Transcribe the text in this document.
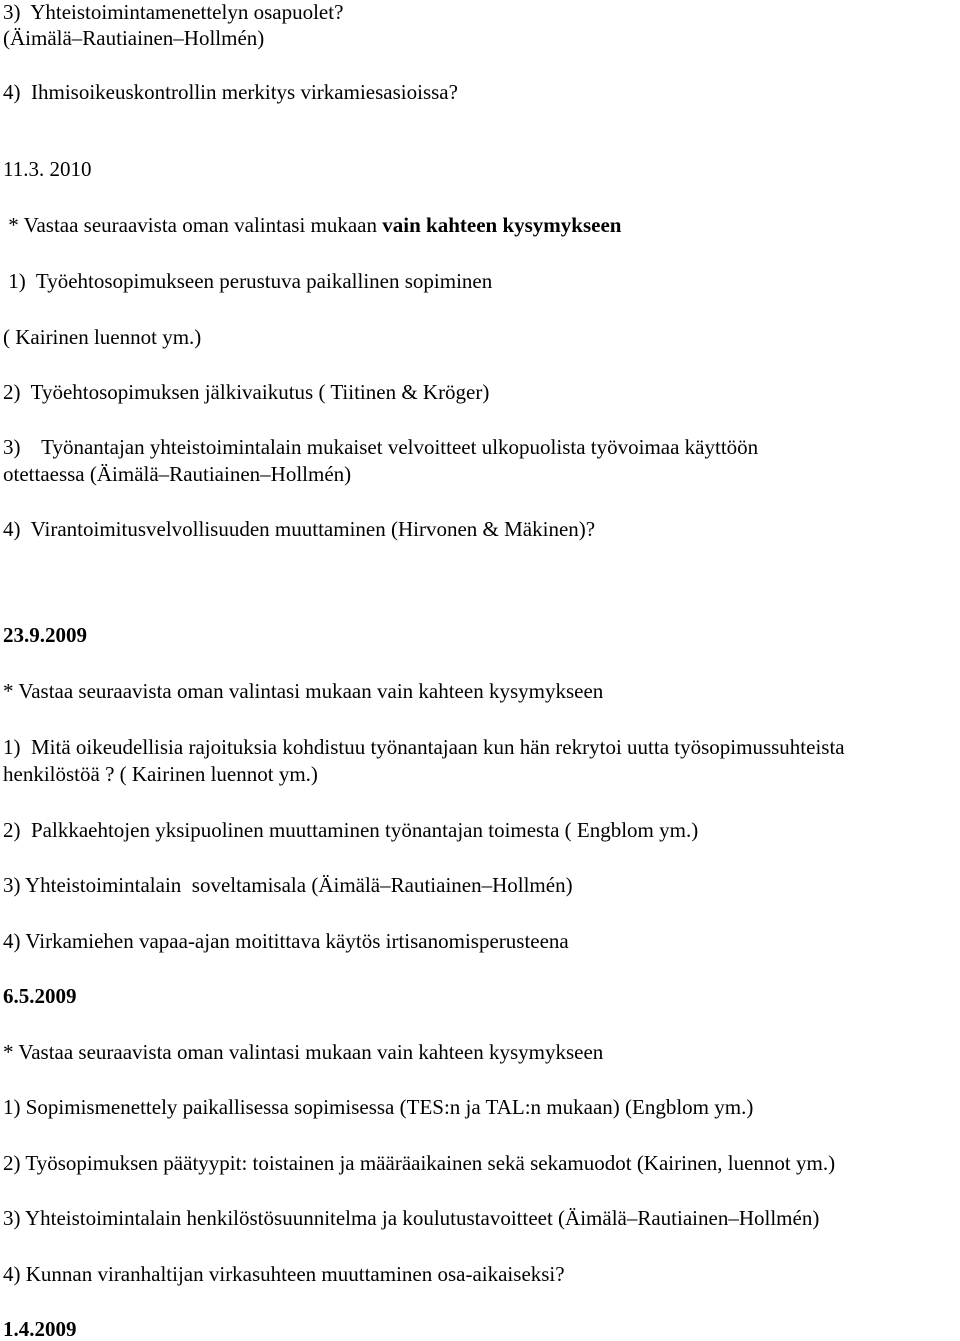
3)  Yhteistoimintamenettelyn osapuolet?

(Äimälä–Rautiainen–Hollmén)

4)  Ihmisoikeuskontrollin merkitys virkamiesasioissa?

11.3. 2010

* Vastaa seuraavista oman valintasi mukaan vain kahteen kysymykseen

1)  Työehtosopimukseen perustuva paikallinen sopiminen

( Kairinen luennot ym.)

2)  Työehtosopimuksen jälkivaikutus ( Tiitinen & Kröger)

3)    Työnantajan yhteistoimintalain mukaiset velvoitteet ulkopuolista työvoimaa käyttöön

otettaessa (Äimälä–Rautiainen–Hollmén)

4)  Virantoimitusvelvollisuuden muuttaminen (Hirvonen & Mäkinen)?

23.9.2009

* Vastaa seuraavista oman valintasi mukaan vain kahteen kysymykseen

1)  Mitä oikeudellisia rajoituksia kohdistuu työnantajaan kun hän rekrytoi uutta työsopimussuhteista

henkilöstöä ? ( Kairinen luennot ym.)

2)  Palkkaehtojen yksipuolinen muuttaminen työnantajan toimesta ( Engblom ym.)

3) Yhteistoimintalain  soveltamisala (Äimälä–Rautiainen–Hollmén)

4) Virkamiehen vapaa-ajan moitittava käytös irtisanomisperusteena

6.5.2009

* Vastaa seuraavista oman valintasi mukaan vain kahteen kysymykseen

1) Sopimismenettely paikallisessa sopimisessa (TES:n ja TAL:n mukaan) (Engblom ym.)

2) Työsopimuksen päätyypit: toistainen ja määräaikainen sekä sekamuodot (Kairinen, luennot ym.)

3) Yhteistoimintalain henkilöstösuunnitelma ja koulutustavoitteet (Äimälä–Rautiainen–Hollmén)

4) Kunnan viranhaltijan virkasuhteen muuttaminen osa-aikaiseksi?

1.4.2009
